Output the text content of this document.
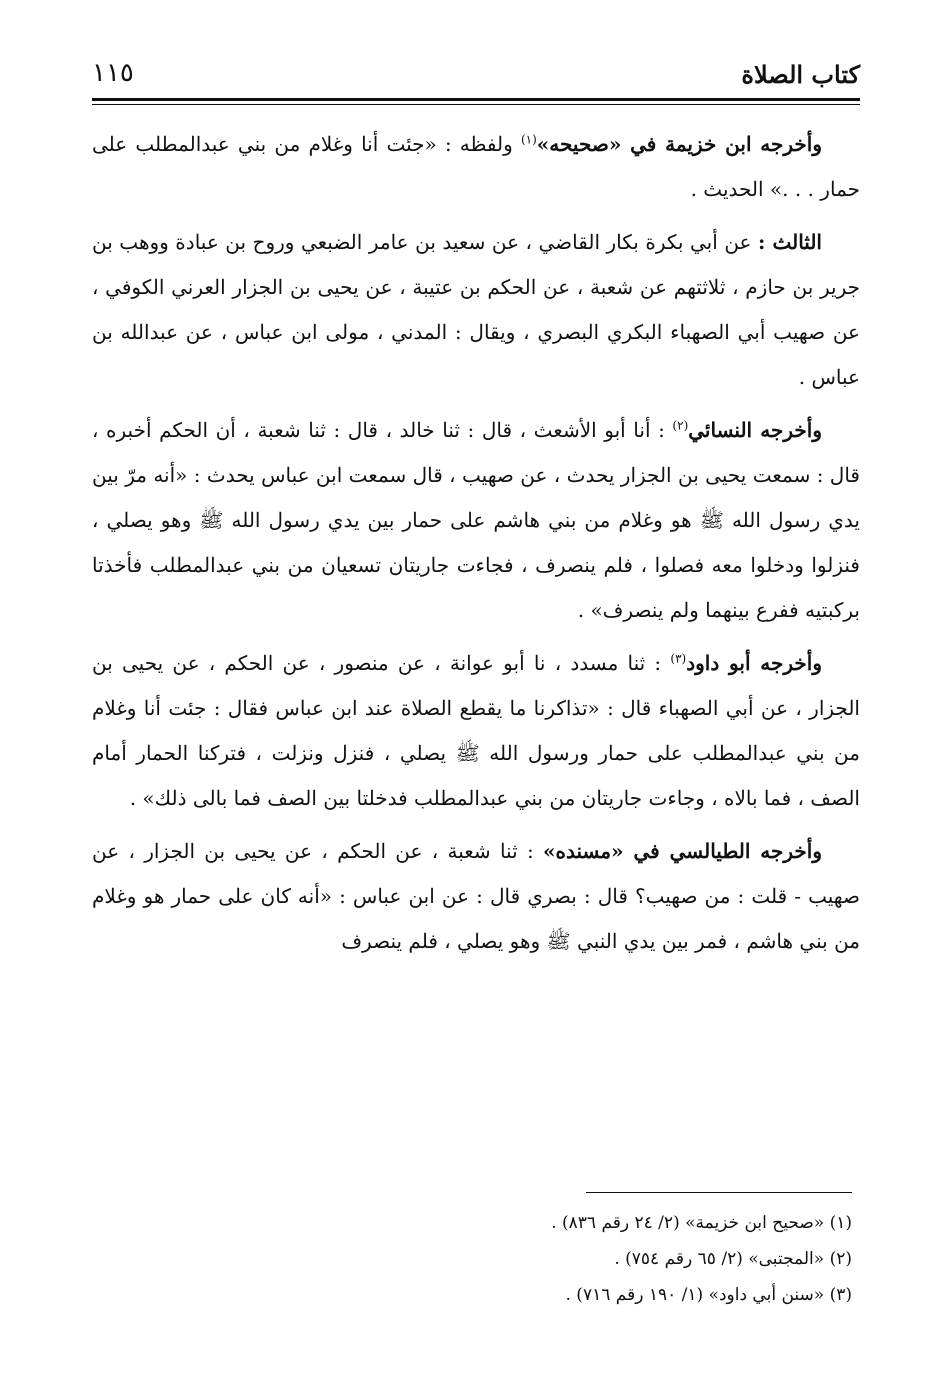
كتاب الصلاة
١١٥

وأخرجه ابن خزيمة في «صحيحه»$^{(١)}$ ولفظه : «جئت أنا وغلام من بني عبدالمطلب على حمار . . .» الحديث .

الثالث : عن أبي بكرة بكار القاضي ، عن سعيد بن عامر الضبعي وروح بن عبادة ووهب بن جرير بن حازم ، ثلاثتهم عن شعبة ، عن الحكم بن عتيبة ، عن يحيى بن الجزار العرني الكوفي ، عن صهيب أبي الصهباء البكري البصري ، ويقال : المدني ، مولى ابن عباس ، عن عبدالله بن عباس .

وأخرجه النسائي$^{(٢)}$ : أنا أبو الأشعث ، قال : ثنا خالد ، قال : ثنا شعبة ، أن الحكم أخبره ، قال : سمعت يحيى بن الجزار يحدث ، عن صهيب ، قال سمعت ابن عباس يحدث : «أنه مرّ بين يدي رسول الله ﷺ هو وغلام من بني هاشم على حمار بين يدي رسول الله ﷺ وهو يصلي ، فنزلوا ودخلوا معه فصلوا ، فلم ينصرف ، فجاءت جاريتان تسعيان من بني عبدالمطلب فأخذتا بركبتيه ففرع بينهما ولم ينصرف» .

وأخرجه أبو داود$^{(٣)}$ : ثنا مسدد ، نا أبو عوانة ، عن منصور ، عن الحكم ، عن يحيى بن الجزار ، عن أبي الصهباء قال : «تذاكرنا ما يقطع الصلاة عند ابن عباس فقال : جئت أنا وغلام من بني عبدالمطلب على حمار ورسول الله ﷺ يصلي ، فنزل ونزلت ، فتركنا الحمار أمام الصف ، فما بالاه ، وجاءت جاريتان من بني عبدالمطلب فدخلتا بين الصف فما بالى ذلك» .

وأخرجه الطيالسي في «مسنده» : ثنا شعبة ، عن الحكم ، عن يحيى بن الجزار ، عن صهيب - قلت : من صهيب؟ قال : بصري قال : عن ابن عباس : «أنه كان على حمار هو وغلام من بني هاشم ، فمر بين يدي النبي ﷺ وهو يصلي ، فلم ينصرف

(١) «صحيح ابن خزيمة» (٢/ ٢٤ رقم ٨٣٦) .

(٢) «المجتبى» (٢/ ٦٥ رقم ٧٥٤) .

(٣) «سنن أبي داود» (١/ ١٩٠ رقم ٧١٦) .
